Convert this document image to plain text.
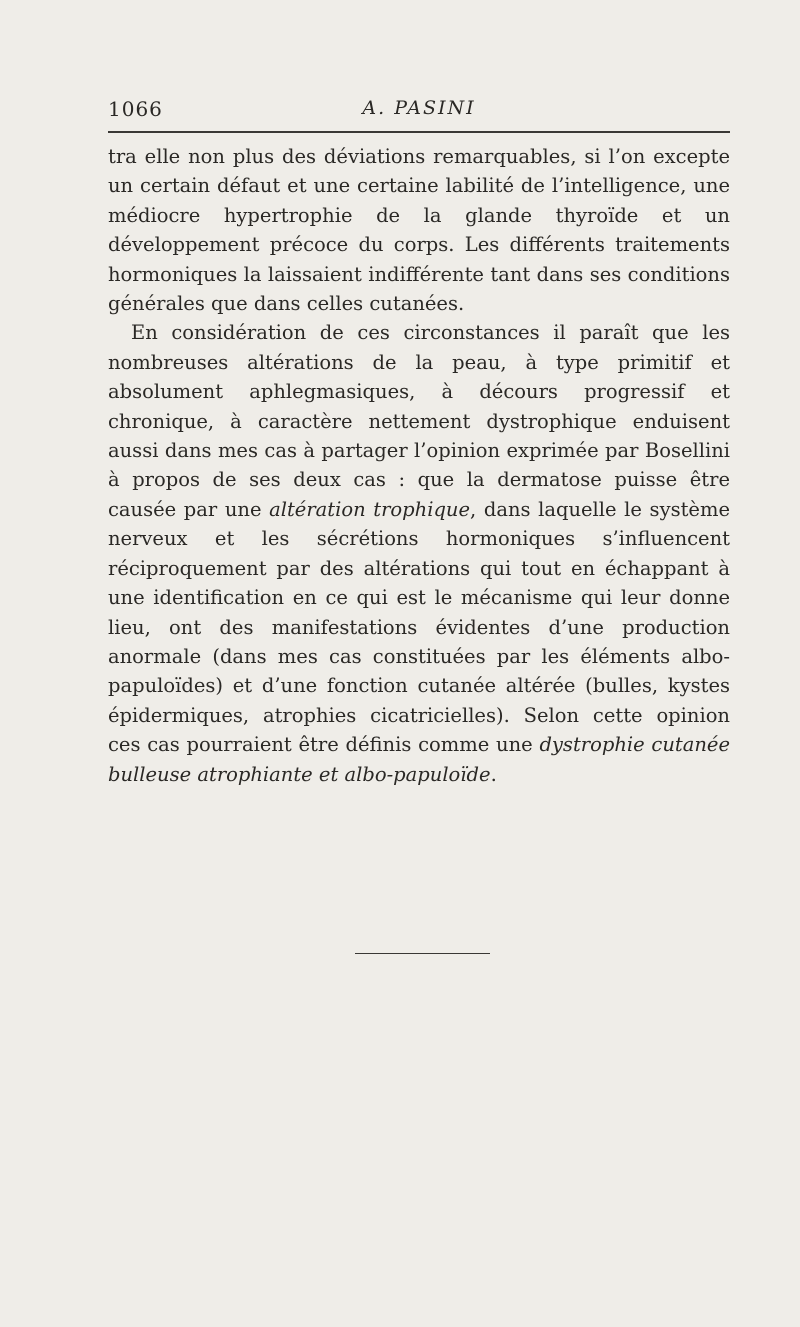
1066	A. PASINI

tra elle non plus des déviations remarquables, si l’on excepte un certain défaut et une certaine labilité de l’intelligence, une médiocre hypertrophie de la glande thyroïde et un développement précoce du corps. Les différents traitements hormoniques la laissaient indifférente tant dans ses conditions générales que dans celles cutanées.

En considération de ces circonstances il paraît que les nombreuses altérations de la peau, à type primitif et absolument aphlegmasiques, à décours progressif et chronique, à caractère nettement dystrophique enduisent aussi dans mes cas à partager l’opinion exprimée par Bosellini à propos de ses deux cas : que la dermatose puisse être causée par une altération trophique, dans laquelle le système nerveux et les sécrétions hormoniques s’influencent réciproquement par des altérations qui tout en échappant à une identification en ce qui est le mécanisme qui leur donne lieu, ont des manifestations évidentes d’une production anormale (dans mes cas constituées par les éléments albo-papuloïdes) et d’une fonction cutanée altérée (bulles, kystes épidermiques, atrophies cicatricielles). Selon cette opinion ces cas pourraient être définis comme une dystrophie cutanée bulleuse atrophiante et albo-papuloïde.
